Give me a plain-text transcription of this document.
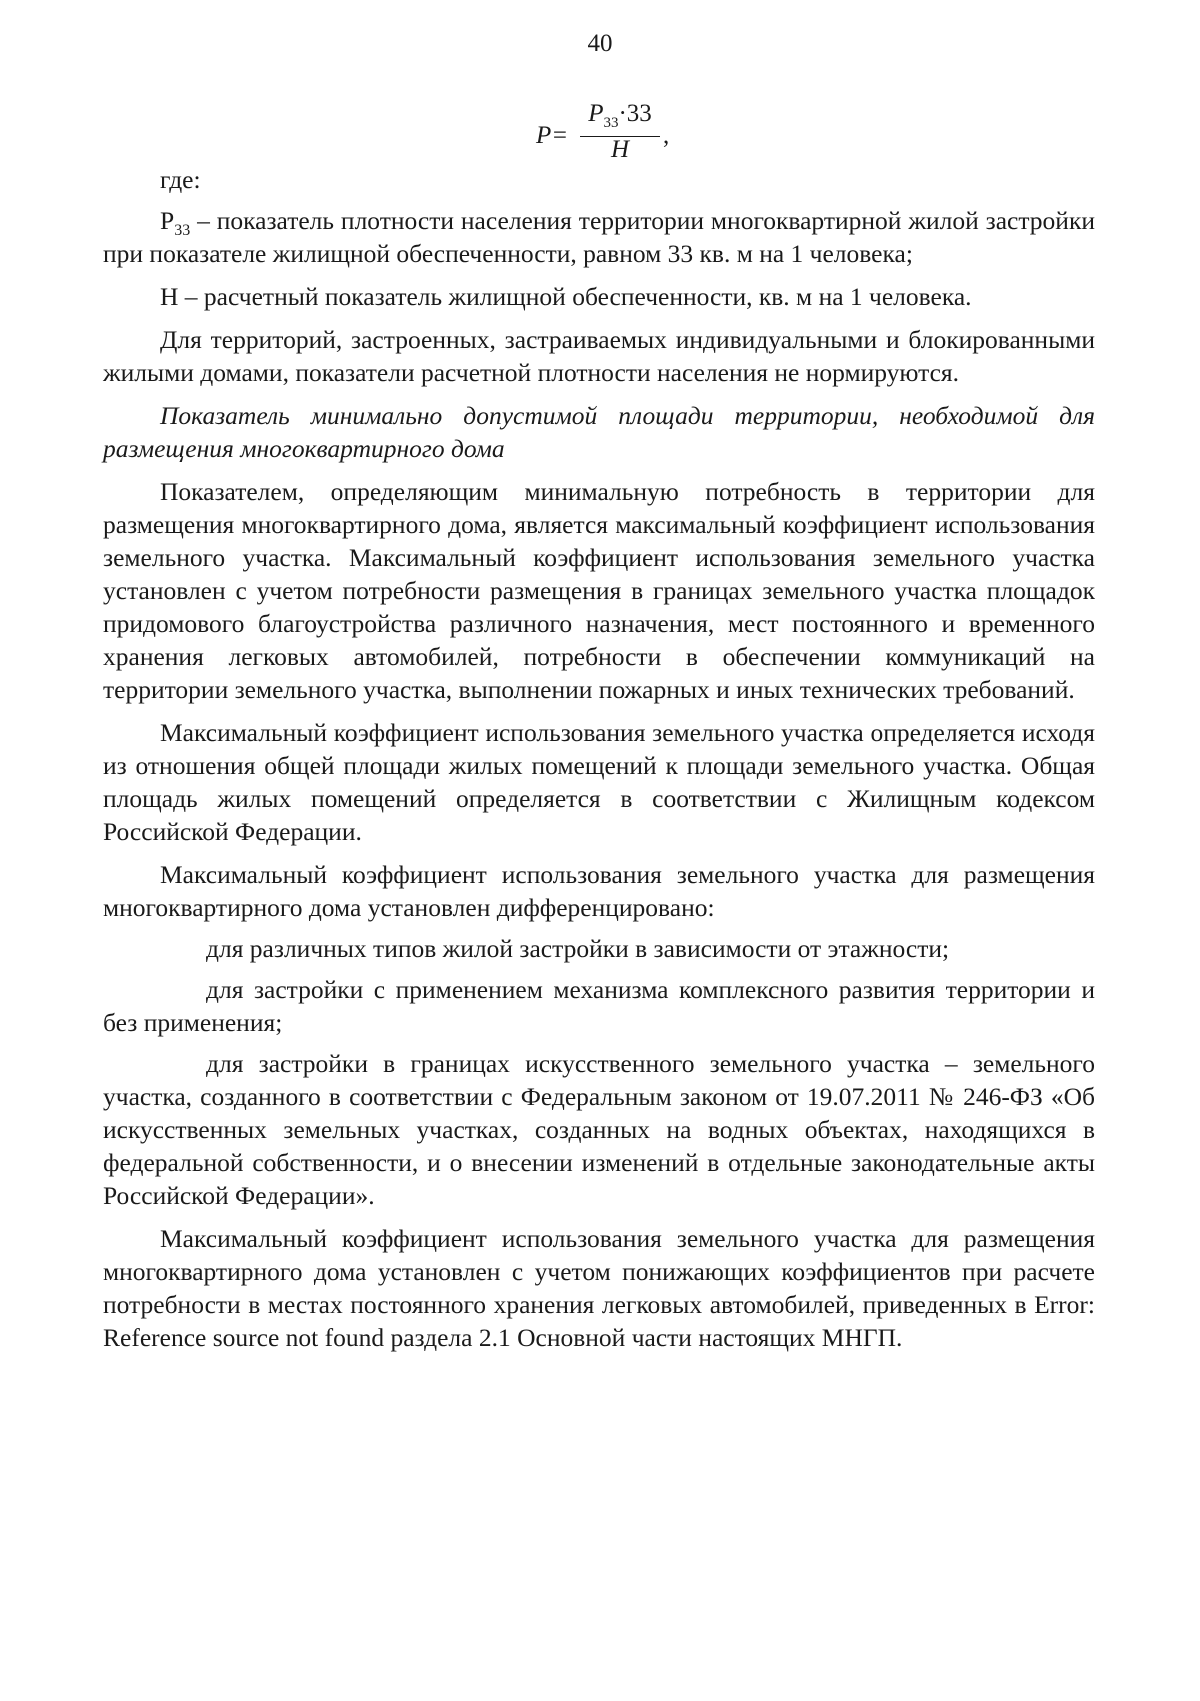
40
P=
$P_{33}\cdot 33$
H
,

где:

$Р_{33}$ – показатель плотности населения территории многоквартирной жилой застройки при показателе жилищной обеспеченности, равном 33 кв. м на 1 человека;

Н – расчетный показатель жилищной обеспеченности, кв. м на 1 человека.

Для территорий, застроенных, застраиваемых индивидуальными и блокированными жилыми домами, показатели расчетной плотности населения не нормируются.

Показатель минимально допустимой площади территории, необходимой для размещения многоквартирного дома

Показателем, определяющим минимальную потребность в территории для размещения многоквартирного дома, является максимальный коэффициент использования земельного участка. Максимальный коэффициент использования земельного участка установлен с учетом потребности размещения в границах земельного участка площадок придомового благоустройства различного назначения, мест постоянного и временного хранения легковых автомобилей, потребности в обеспечении коммуникаций на территории земельного участка, выполнении пожарных и иных технических требований.

Максимальный коэффициент использования земельного участка определяется исходя из отношения общей площади жилых помещений к площади земельного участка. Общая площадь жилых помещений определяется в соответствии с Жилищным кодексом Российской Федерации.

Максимальный коэффициент использования земельного участка для размещения многоквартирного дома установлен дифференцировано:

для различных типов жилой застройки в зависимости от этажности;

для застройки с применением механизма комплексного развития территории и без применения;

для застройки в границах искусственного земельного участка – земельного участка, созданного в соответствии с Федеральным законом от 19.07.2011 № 246-ФЗ «Об искусственных земельных участках, созданных на водных объектах, находящихся в федеральной собственности, и о внесении изменений в отдельные законодательные акты Российской Федерации».

Максимальный коэффициент использования земельного участка для размещения многоквартирного дома установлен с учетом понижающих коэффициентов при расчете потребности в местах постоянного хранения легковых автомобилей, приведенных в Error: Reference source not found раздела 2.1 Основной части настоящих МНГП.
